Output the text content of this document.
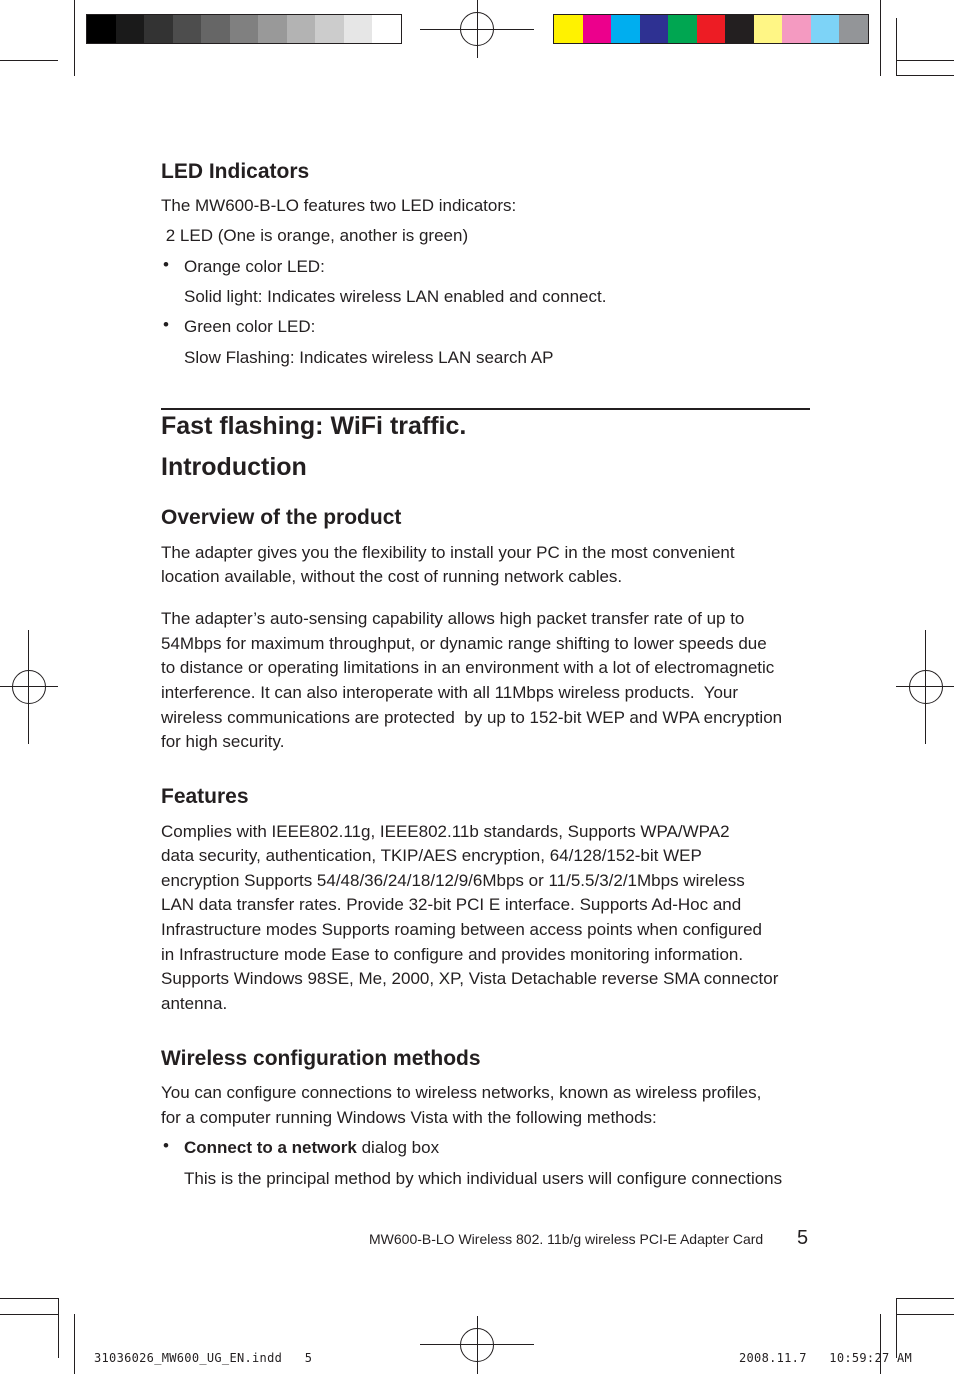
LED Indicators

The MW600-B-LO features two LED indicators:

2 LED (One is orange, another is green)

• Orange color LED:

Solid light: Indicates wireless LAN enabled and connect.

• Green color LED:

Slow Flashing: Indicates wireless LAN search AP

Fast flashing: WiFi traffic.
Introduction
Overview of the product

The adapter gives you the flexibility to install your PC in the most convenient

location available, without the cost of running network cables.

The adapter’s auto-sensing capability allows high packet transfer rate of up to

54Mbps for maximum throughput, or dynamic range shifting to lower speeds due

to distance or operating limitations in an environment with a lot of electromagnetic

interference. It can also interoperate with all 11Mbps wireless products.  Your

wireless communications are protected  by up to 152-bit WEP and WPA encryption

for high security.

Features

Complies with IEEE802.11g, IEEE802.11b standards, Supports WPA/WPA2

data security, authentication, TKIP/AES encryption, 64/128/152-bit WEP

encryption Supports 54/48/36/24/18/12/9/6Mbps or 11/5.5/3/2/1Mbps wireless

LAN data transfer rates. Provide 32-bit PCI E interface. Supports Ad-Hoc and

Infrastructure modes Supports roaming between access points when configured

in Infrastructure mode Ease to configure and provides monitoring information.

Supports Windows 98SE, Me, 2000, XP, Vista Detachable reverse SMA connector

antenna.

Wireless configuration methods

You can configure connections to wireless networks, known as wireless profiles,

for a computer running Windows Vista with the following methods:

• Connect to a network dialog box

This is the principal method by which individual users will configure connections

MW600-B-LO Wireless 802. 11b/g wireless PCI-E Adapter Card 5
31036026_MW600_UG_EN.indd   5	2008.11.7   10:59:27 AM
